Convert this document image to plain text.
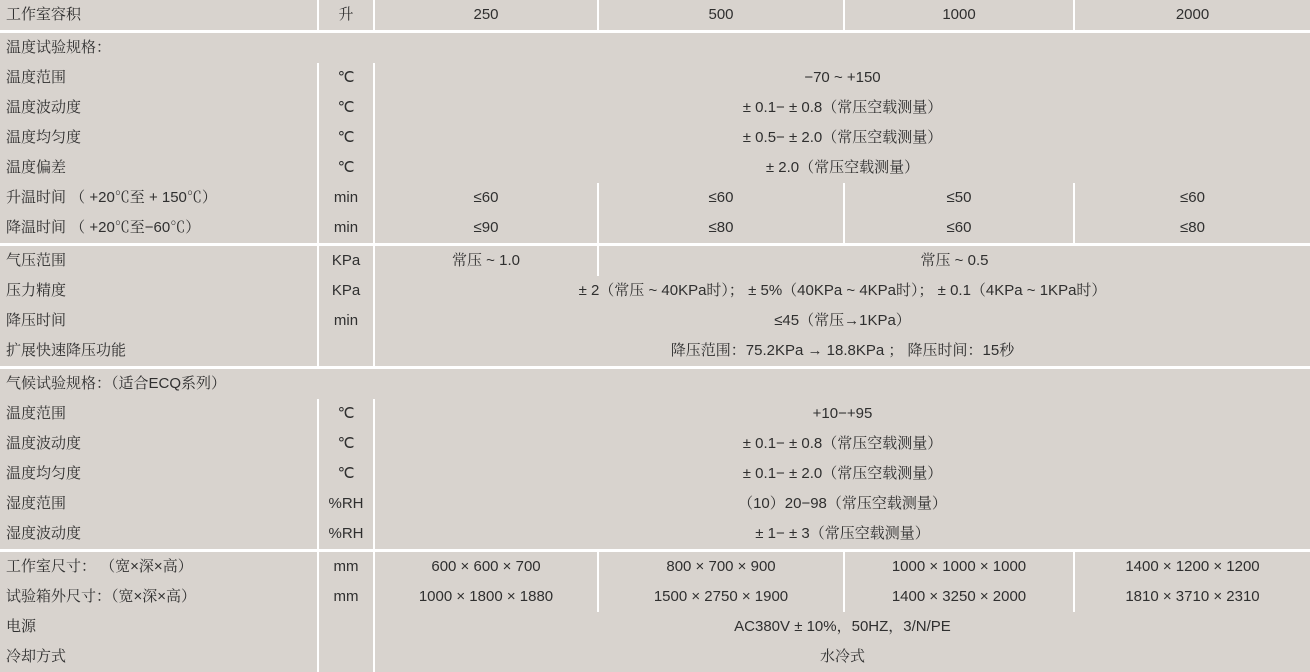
工作室容积	升	250	500	1000	2000
温度试验规格：					
温度范围	℃	−70 ~ +150			
温度波动度	℃	± 0.1− ± 0.8（常压空载测量）			
温度均匀度	℃	± 0.5− ± 2.0（常压空载测量）			
温度偏差	℃	± 2.0（常压空载测量）			
升温时间 （ +20℃至 + 150℃）	min	≤60	≤60	≤50	≤60
降温时间 （ +20℃至−60℃）	min	≤90	≤80	≤60	≤80
气压范围	KPa	常压 ~ 1.0	常压 ~ 0.5		
压力精度	KPa	± 2（常压 ~ 40KPa时）； ± 5%（40KPa ~ 4KPa时）； ± 0.1（4KPa ~ 1KPa时）			
降压时间	min	≤45（常压→1KPa）			
扩展快速降压功能		降压范围：75.2KPa → 18.8KPa ； 降压时间：15秒			
气候试验规格：（适合ECQ系列）					
温度范围	℃	+10−+95			
温度波动度	℃	± 0.1− ± 0.8（常压空载测量）			
温度均匀度	℃	± 0.1− ± 2.0（常压空载测量）			
湿度范围	%RH	（10）20−98（常压空载测量）			
湿度波动度	%RH	± 1− ± 3（常压空载测量）			
工作室尺寸： （宽×深×高）	mm	600 × 600 × 700	800 × 700 × 900	1000 × 1000 × 1000	1400 × 1200 × 1200
试验箱外尺寸：（宽×深×高）	mm	1000 × 1800 × 1880	1500 × 2750 × 1900	1400 × 3250 × 2000	1810 × 3710 × 2310
电源		AC380V ± 10%，50HZ，3/N/PE			
冷却方式		水冷式			
